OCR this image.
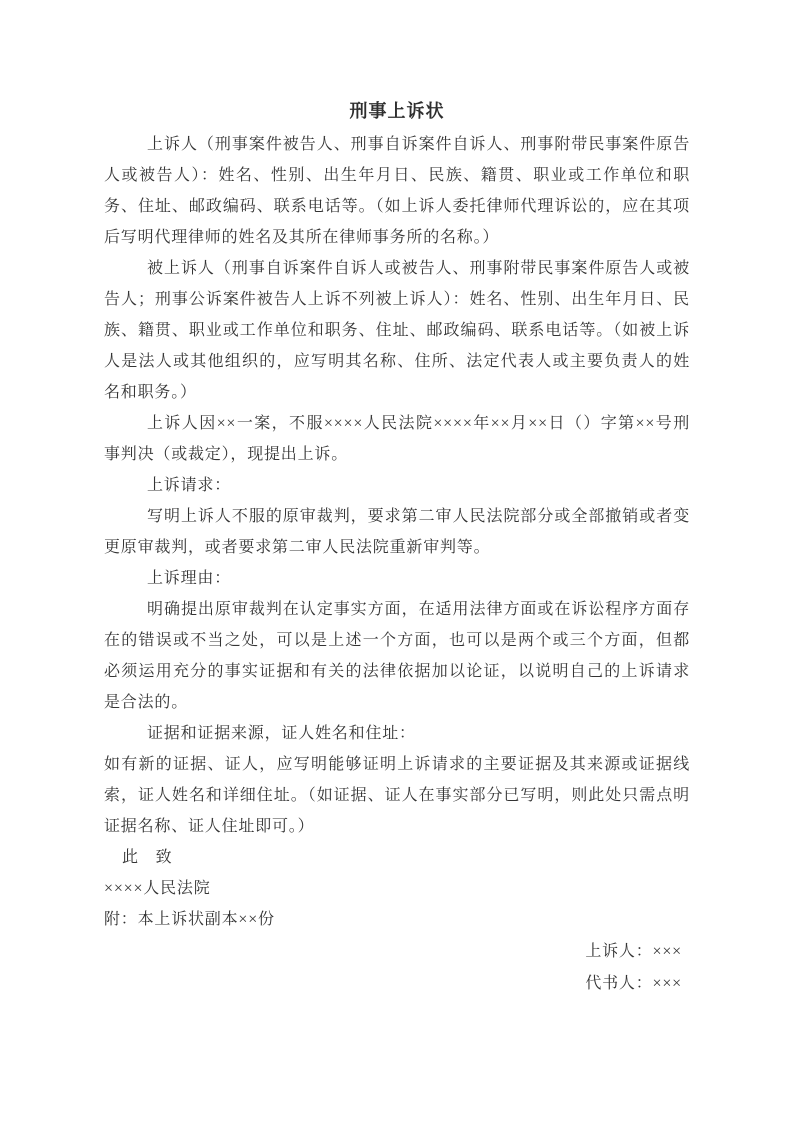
刑事上诉状

上诉人（刑事案件被告人、刑事自诉案件自诉人、刑事附带民事案件原告人或被告人）：姓名、性别、出生年月日、民族、籍贯、职业或工作单位和职务、住址、邮政编码、联系电话等。（如上诉人委托律师代理诉讼的，应在其项后写明代理律师的姓名及其所在律师事务所的名称。）

被上诉人（刑事自诉案件自诉人或被告人、刑事附带民事案件原告人或被告人；刑事公诉案件被告人上诉不列被上诉人）：姓名、性别、出生年月日、民族、籍贯、职业或工作单位和职务、住址、邮政编码、联系电话等。（如被上诉人是法人或其他组织的，应写明其名称、住所、法定代表人或主要负责人的姓名和职务。）

上诉人因××一案，不服××××人民法院××××年××月××日（）字第××号刑事判决（或裁定），现提出上诉。

上诉请求：

写明上诉人不服的原审裁判，要求第二审人民法院部分或全部撤销或者变更原审裁判，或者要求第二审人民法院重新审判等。

上诉理由：

明确提出原审裁判在认定事实方面，在适用法律方面或在诉讼程序方面存在的错误或不当之处，可以是上述一个方面，也可以是两个或三个方面，但都必须运用充分的事实证据和有关的法律依据加以论证，以说明自己的上诉请求是合法的。

证据和证据来源，证人姓名和住址：

如有新的证据、证人，应写明能够证明上诉请求的主要证据及其来源或证据线索，证人姓名和详细住址。（如证据、证人在事实部分已写明，则此处只需点明证据名称、证人住址即可。）

此　致

××××人民法院

附：本上诉状副本××份

上诉人：×××

代书人：×××
